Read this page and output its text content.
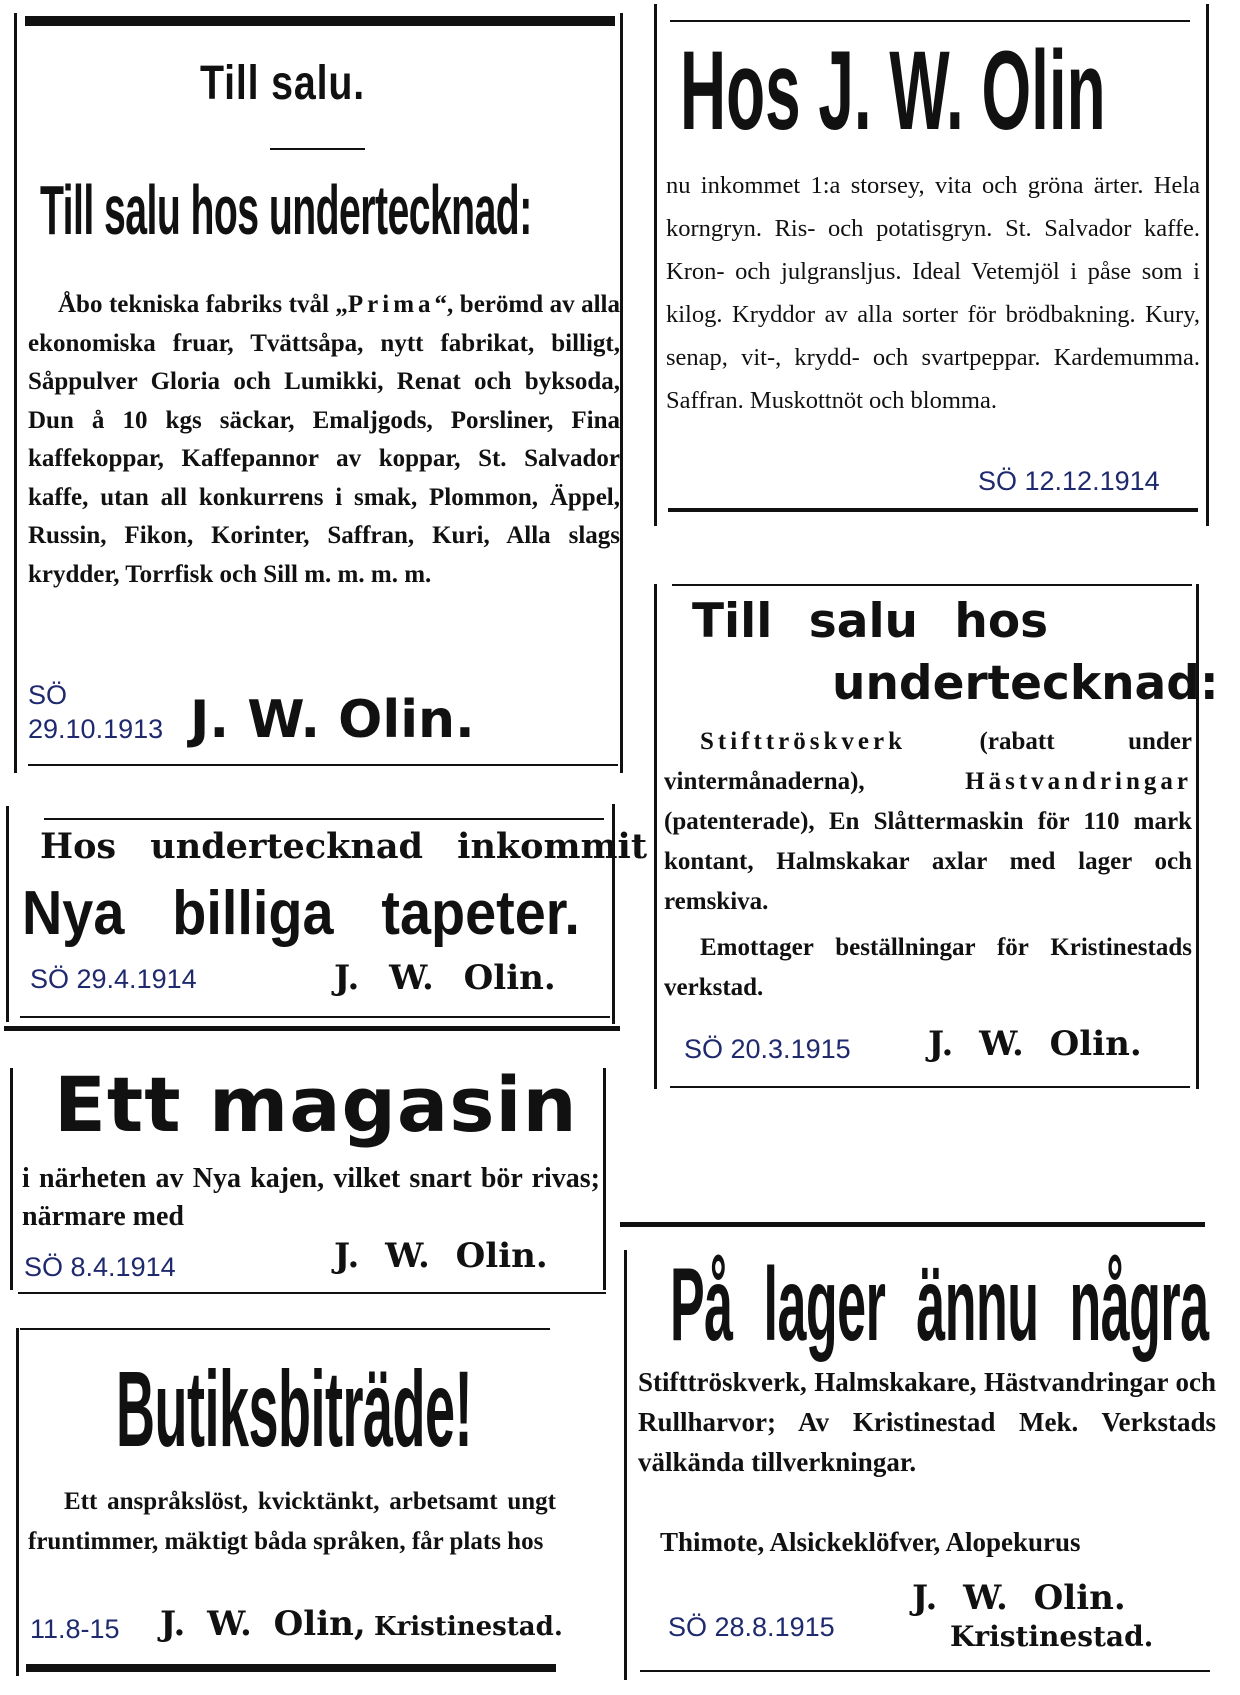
Till salu.
Till salu hos undertecknad:
Åbo tekniska fabriks tvål „Prima“, berömd av alla ekonomiska fruar, Tvättsåpa, nytt fabrikat, billigt, Såppulver Gloria och Lumikki, Renat och byksoda, Dun å 10 kgs säckar, Emaljgods, Porsliner, Fina kaffekoppar, Kaffepannor av koppar, St. Salvador kaffe, utan all konkurrens i smak, Plommon, Äppel, Russin, Fikon, Korinter, Saffran, Kuri, Alla slags krydder, Torrfisk och Sill m. m. m. m.
SÖ
29.10.1913 J. W. Olin.
Hos J. W. Olin
nu inkommet 1:a storsey, vita och gröna ärter. Hela korngryn. Ris- och potatisgryn. St. Salvador kaffe. Kron- och julgransljus. Ideal Vetemjöl i påse som i kilog. Kryddor av alla sorter för brödbakning. Kury, senap, vit-, krydd- och svartpeppar. Kardemumma. Saffran. Muskottnöt och blomma.
SÖ 12.12.1914
Hos undertecknad inkommit
Nya billiga tapeter.
SÖ 29.4.1914	J. W. Olin.
Till salu hos
undertecknad:
Stifttröskverk (rabatt under vintermånaderna), Hästvandringar (patenterade), En Slåttermaskin för 110 mark kontant, Halmskakar axlar med lager och remskiva.
Emottager beställningar för Kristinestads verkstad.
SÖ 20.3.1915 J. W. Olin.
Ett magasin
i närheten av Nya kajen, vilket snart bör rivas; närmare med
SÖ 8.4.1914	J. W. Olin.
Butiksbiträde!
Ett anspråkslöst, kvicktänkt, arbetsamt ungt fruntimmer, mäktigt båda språken, får plats hos
11.8-15 J. W. Olin, Kristinestad.
På lager ännu några
Stifttröskverk, Halmskakare, Hästvandringar och Rullharvor; Av Kristinestad Mek. Verkstads välkända tillverkningar.
Thimote, Alsickeklöfver, Alopekurus
SÖ 28.8.1915
J. W. Olin.
Kristinestad.
